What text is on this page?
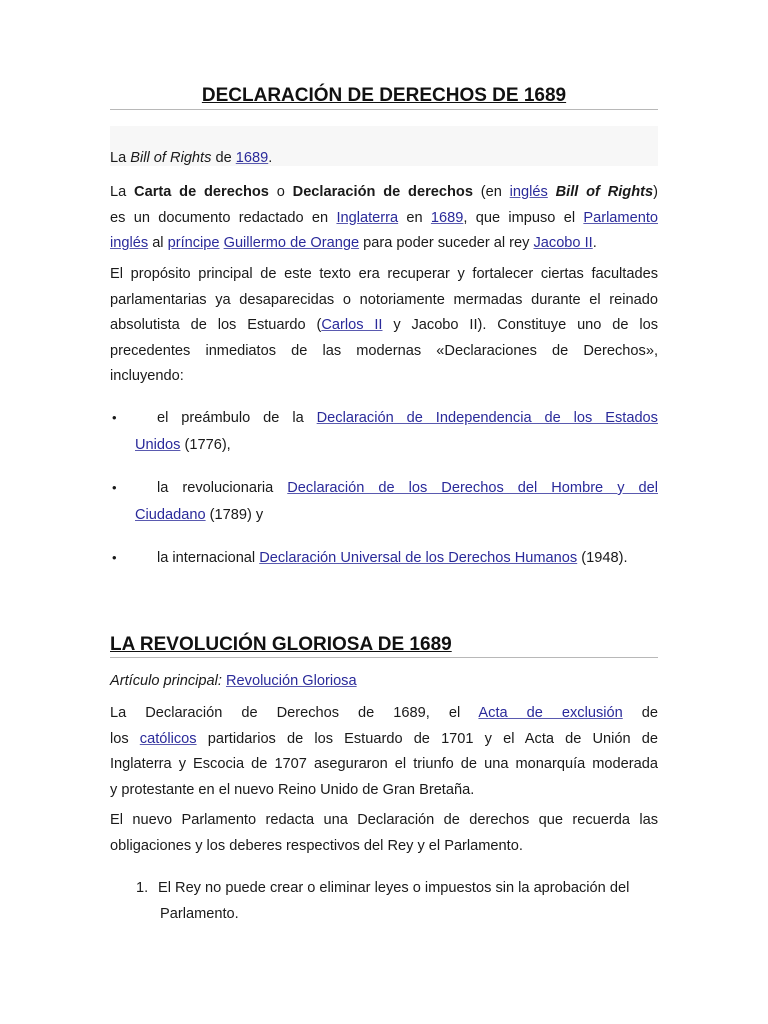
DECLARACIÓN DE DERECHOS DE 1689
La Bill of Rights de 1689.
La Carta de derechos o Declaración de derechos (en inglés Bill of Rights)
es un documento redactado en Inglaterra en 1689, que impuso el Parlamento
inglés al príncipe Guillermo de Orange para poder suceder al rey Jacobo II.
El propósito principal de este texto era recuperar y fortalecer ciertas facultades
parlamentarias ya desaparecidas o notoriamente mermadas durante el reinado
absolutista de los Estuardo (Carlos II y Jacobo II). Constituye uno de los
precedentes inmediatos de las modernas «Declaraciones de Derechos»,
incluyendo:
•	el preámbulo de la Declaración de Independencia de los Estados
Unidos (1776),
•	la revolucionaria Declaración de los Derechos del Hombre y del
Ciudadano (1789) y
•	la internacional Declaración Universal de los Derechos Humanos (1948).
LA REVOLUCIÓN GLORIOSA DE 1689
Artículo principal: Revolución Gloriosa
La Declaración de Derechos de 1689, el Acta de exclusión de
los católicos partidarios de los Estuardo de 1701 y el Acta de Unión de
Inglaterra y Escocia de 1707 aseguraron el triunfo de una monarquía moderada
y protestante en el nuevo Reino Unido de Gran Bretaña.
El nuevo Parlamento redacta una Declaración de derechos que recuerda las
obligaciones y los deberes respectivos del Rey y el Parlamento.
1. El Rey no puede crear o eliminar leyes o impuestos sin la aprobación del
Parlamento.
